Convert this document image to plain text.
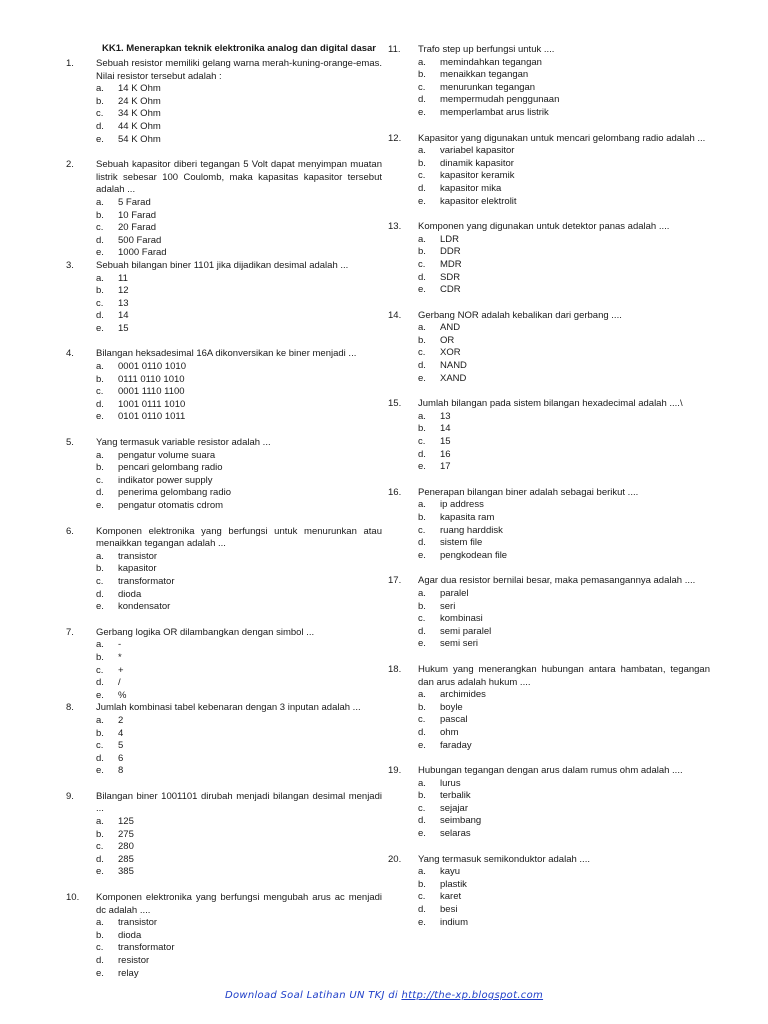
KK1. Menerapkan teknik elektronika analog dan digital dasar
1. Sebuah resistor memiliki gelang warna merah-kuning-orange-emas. Nilai resistor tersebut adalah :
a. 14 K Ohm
b. 24 K Ohm
c. 34 K Ohm
d. 44 K Ohm
e. 54 K Ohm
2. Sebuah kapasitor diberi tegangan 5 Volt dapat menyimpan muatan listrik sebesar 100 Coulomb, maka kapasitas kapasitor tersebut adalah ...
a. 5 Farad
b. 10 Farad
c. 20 Farad
d. 500 Farad
e. 1000 Farad
3. Sebuah bilangan biner 1101 jika dijadikan desimal adalah ...
a. 11
b. 12
c. 13
d. 14
e. 15
4. Bilangan heksadesimal 16A dikonversikan ke biner menjadi ...
a. 0001 0110 1010
b. 0111 0110 1010
c. 0001 1110 1100
d. 1001 0111 1010
e. 0101 0110 1011
5. Yang termasuk variable resistor adalah ...
a. pengatur volume suara
b. pencari gelombang radio
c. indikator power supply
d. penerima gelombang radio
e. pengatur otomatis cdrom
6. Komponen elektronika yang berfungsi untuk menurunkan atau menaikkan tegangan adalah ...
a. transistor
b. kapasitor
c. transformator
d. dioda
e. kondensator
7. Gerbang logika OR dilambangkan dengan simbol ...
a. -
b. *
c. +
d. /
e. %
8. Jumlah kombinasi tabel kebenaran dengan 3 inputan adalah ...
a. 2
b. 4
c. 5
d. 6
e. 8
9. Bilangan biner 1001101 dirubah menjadi bilangan desimal menjadi ...
a. 125
b. 275
c. 280
d. 285
e. 385
10. Komponen elektronika yang berfungsi mengubah arus ac menjadi dc adalah ....
a. transistor
b. dioda
c. transformator
d. resistor
e. relay
11. Trafo step up berfungsi untuk ....
a. memindahkan tegangan
b. menaikkan tegangan
c. menurunkan tegangan
d. mempermudah penggunaan
e. memperlambat arus listrik
12. Kapasitor yang digunakan untuk mencari gelombang radio adalah ...
a. variabel kapasitor
b. dinamik kapasitor
c. kapasitor keramik
d. kapasitor mika
e. kapasitor elektrolit
13. Komponen yang digunakan untuk detektor panas adalah ....
a. LDR
b. DDR
c. MDR
d. SDR
e. CDR
14. Gerbang NOR adalah kebalikan dari gerbang ....
a. AND
b. OR
c. XOR
d. NAND
e. XAND
15. Jumlah bilangan pada sistem bilangan hexadecimal adalah ....\
a. 13
b. 14
c. 15
d. 16
e. 17
16. Penerapan bilangan biner adalah sebagai berikut ....
a. ip address
b. kapasita ram
c. ruang harddisk
d. sistem file
e. pengkodean file
17. Agar dua resistor bernilai besar, maka pemasangannya adalah ....
a. paralel
b. seri
c. kombinasi
d. semi paralel
e. semi seri
18. Hukum yang menerangkan hubungan antara hambatan, tegangan dan arus adalah hukum ....
a. archimides
b. boyle
c. pascal
d. ohm
e. faraday
19. Hubungan tegangan dengan arus dalam rumus ohm adalah ....
a. lurus
b. terbalik
c. sejajar
d. seimbang
e. selaras
20. Yang termasuk semikonduktor adalah ....
a. kayu
b. plastik
c. karet
d. besi
e. indium
Download Soal Latihan UN TKJ di http://the-xp.blogspot.com
